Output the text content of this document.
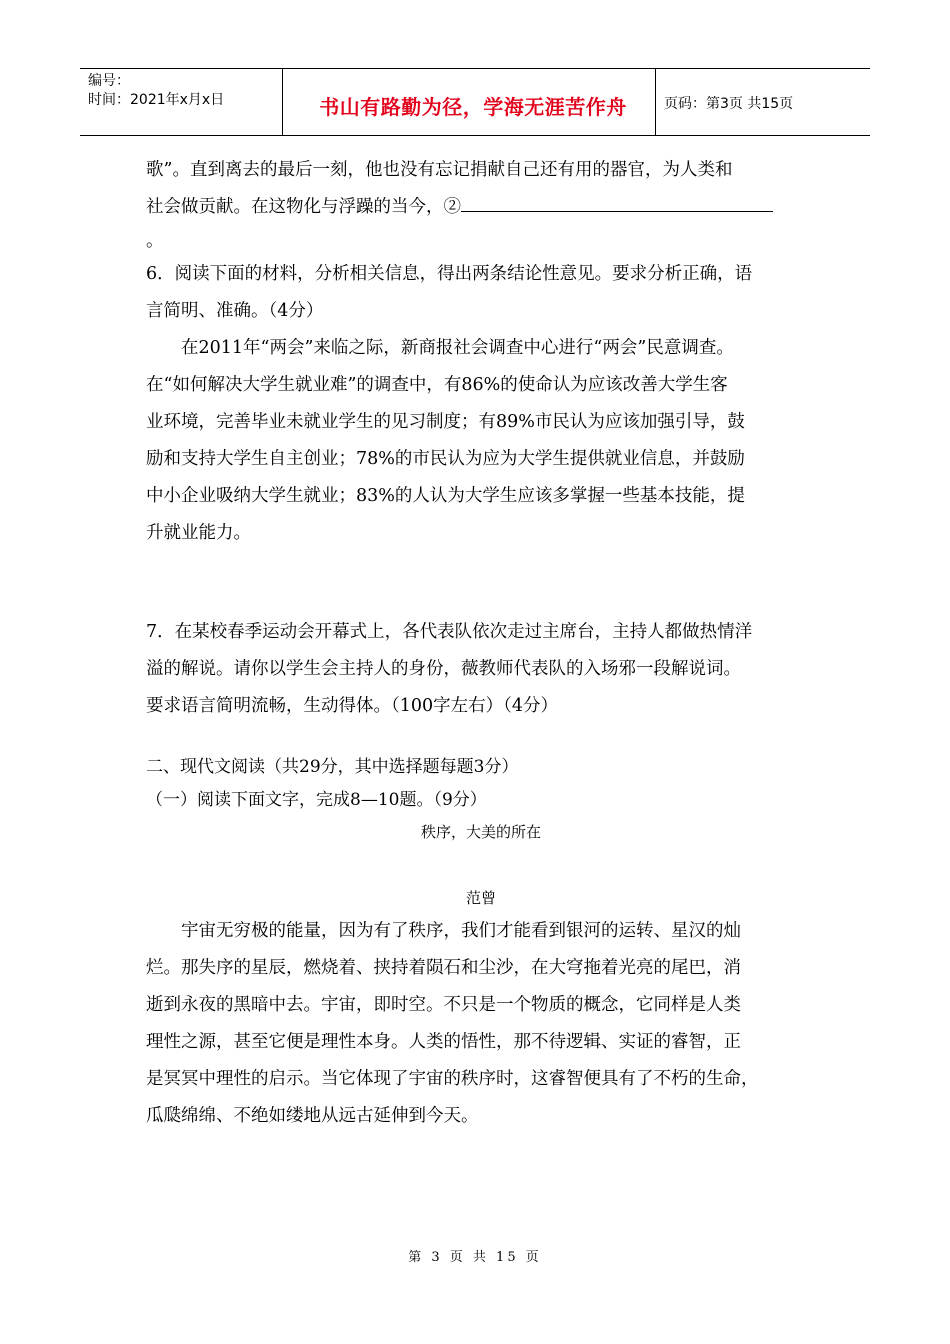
编号：
时间：2021年x月x日	书山有路勤为径，学海无涯苦作舟	页码：第3页 共15页

歌”。直到离去的最后一刻，他也没有忘记捐献自己还有用的器官，为人类和

社会做贡献。在这物化与浮躁的当今，②

。

6．阅读下面的材料，分析相关信息，得出两条结论性意见。要求分析正确，语

言简明、准确。（4分）

在2011年“两会”来临之际，新商报社会调查中心进行“两会”民意调查。

在“如何解决大学生就业难”的调查中，有86%的使命认为应该改善大学生客

业环境，完善毕业未就业学生的见习制度；有89%市民认为应该加强引导，鼓

励和支持大学生自主创业；78%的市民认为应为大学生提供就业信息，并鼓励

中小企业吸纳大学生就业；83%的人认为大学生应该多掌握一些基本技能，提

升就业能力。

7．在某校春季运动会开幕式上，各代表队依次走过主席台，主持人都做热情洋

溢的解说。请你以学生会主持人的身份，薇教师代表队的入场邪一段解说词。

要求语言简明流畅，生动得体。（100字左右）（4分）

二、现代文阅读（共29分，其中选择题每题3分）

（一）阅读下面文字，完成8—10题。（9分）

秩序，大美的所在

范曾

宇宙无穷极的能量，因为有了秩序，我们才能看到银河的运转、星汉的灿

烂。那失序的星辰，燃烧着、挟持着陨石和尘沙，在大穹拖着光亮的尾巴，消

逝到永夜的黑暗中去。宇宙，即时空。不只是一个物质的概念，它同样是人类

理性之源，甚至它便是理性本身。人类的悟性，那不待逻辑、实证的睿智，正

是冥冥中理性的启示。当它体现了宇宙的秩序时，这睿智便具有了不朽的生命，

瓜瓞绵绵、不绝如缕地从远古延伸到今天。

第 3 页 共 15 页
